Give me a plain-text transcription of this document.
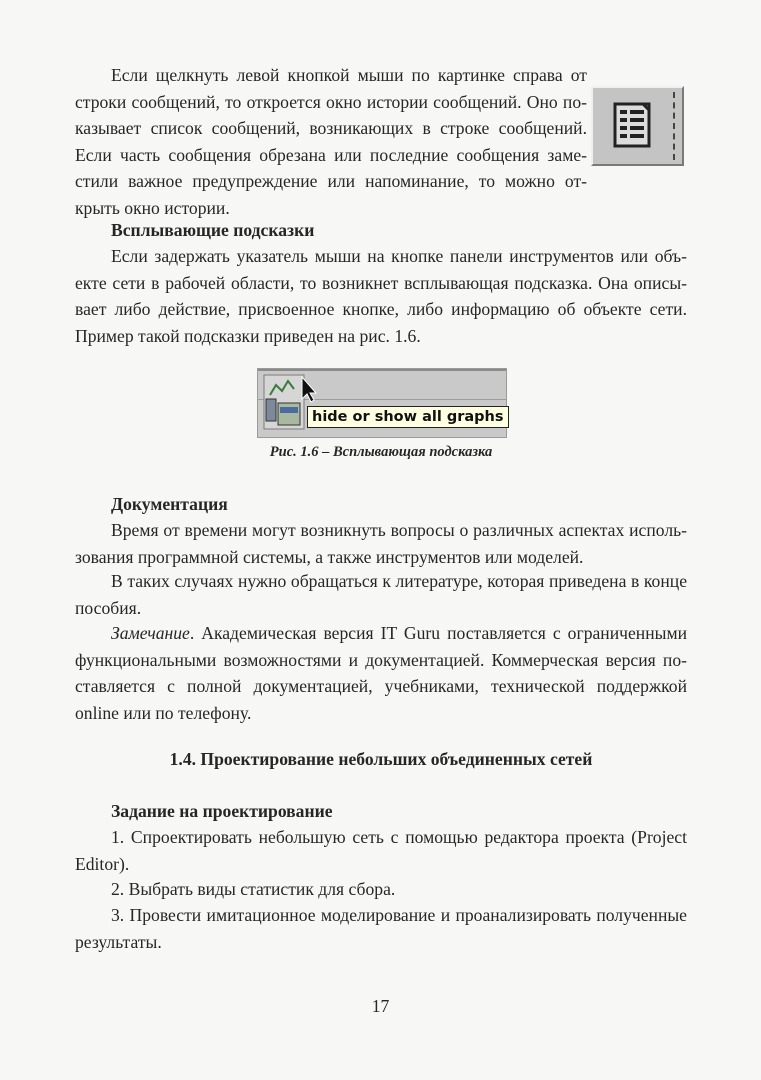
Если щелкнуть левой кнопкой мыши по картинке справа от
строки сообщений, то откроется окно истории сообщений. Оно по-
казывает список сообщений, возникающих в строке сообщений.
Если часть сообщения обрезана или последние сообщения заме-
стили важное предупреждение или напоминание, то можно от-
крыть окно истории.
Всплывающие подсказки
Если задержать указатель мыши на кнопке панели инструментов или объ-
екте сети в рабочей области, то возникнет всплывающая подсказка. Она описы-
вает либо действие, присвоенное кнопке, либо информацию об объекте сети.
Пример такой подсказки приведен на рис. 1.6.
hide or show all graphs
Рис. 1.6 – Всплывающая подсказка
Документация
Время от времени могут возникнуть вопросы о различных аспектах исполь-
зования программной системы, а также инструментов или моделей.
В таких случаях нужно обращаться к литературе, которая приведена в конце
пособия.
Замечание. Академическая версия IT Guru поставляется с ограниченными
функциональными возможностями и документацией. Коммерческая версия по-
ставляется с полной документацией, учебниками, технической поддержкой
online или по телефону.
1.4. Проектирование небольших объединенных сетей
Задание на проектирование
1. Спроектировать небольшую сеть с помощью редактора проекта (Project
Editor).
2. Выбрать виды статистик для сбора.
3. Провести имитационное моделирование и проанализировать полученные
результаты.
17
